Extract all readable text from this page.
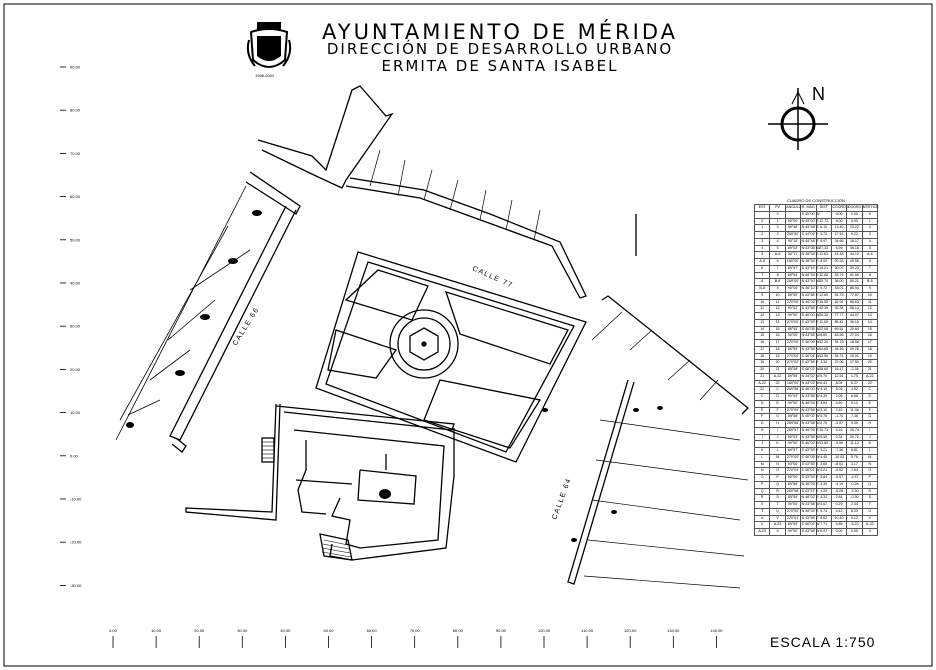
90.00
80.00
70.00
60.00
50.00
40.00
30.00
20.00
10.00
0.00
-10.00
-20.00
-30.00
0.00	10.00	20.00	30.00	40.00	50.00	60.00	70.00	80.00	90.00	100.00	110.00	120.00	130.00	140.00
CALLE 77
CALLE 66
CALLE 64
N
1998-2001
AYUNTAMIENTO DE MÉRIDA
DIRECCIÓN DE DESARROLLO URBANO
ERMITA DE SANTA ISABEL
CUADRO DE CONSTRUCCIÓN
EST	PV	ANGULO	R. MAG	DIST	COORD X	COORD Y	VERTICE
	0		S 45°00' W		0.00	0.00	0
0	1	90°00'	N 45°00' E	12.72	9.00	9.00	1
1	2	89°48'	N 45°48' E	6.10	13.40	13.22	2
2	3	269°50'	S 44°02' E	5.73	17.51	9.23	3
3	4	90°10'	N 45°48' E	9.97	24.66	16.17	4
4	5	89°03'	N 43°05' W	27.33	5.99	36.16	5
5	A-6	90°11'	N 46°54' E	11.63	14.48	44.10	A-6
A-6	6	180°00'	N 46°54' E	8.00	20.33	49.56	6
6	7	89°47'	S 43°19' E	14.21	30.07	39.23	7
7	8	89°54'	N 46°34' E	32.66	53.79	61.68	8
8	B-8	269°00'	N 43°50' W	25.70	36.00	80.21	B-8
B-8	9	90°00'	N 46°10' E	9.72	43.01	86.94	9
9	10	89°50'	S 43°58' E	12.60	51.75	77.87	10
10	11	270°00'	N 46°02' E	15.50	62.91	88.63	11
11	12	90°02'	S 43°58' E	42.39	92.34	58.13	12
12	13	90°00'	S 46°00' W	20.25	77.77	44.07	13
13	14	270°00'	S 43°59' E	11.00	85.41	36.15	14
14	15	89°55'	S 46°05' W	22.08	69.51	20.84	15
15	16	90°00'	N 43°55' W	8.60	63.55	27.04	16
16	17	270°00'	S 46°05' W	12.20	54.76	18.58	17
17	18	89°59'	N 43°56' W	14.85	44.46	29.28	18
18	19	270°00'	S 46°04' W	13.50	34.74	19.91	19
19	20	270°02'	S 43°58' E	3.34	37.06	17.50	20
20	21	89°58'	S 46°02' W	28.60	16.47	-2.35	21
21	A-22	89°56'	N 44°02' W	5.70	12.51	1.75	A-22
A-22	22	180°00'	N 44°02' W	6.43	8.04	6.37	22
22	C	269°58'	S 46°00' W	4.10	5.09	3.52	C
C	D	90°04'	N 43°56' W	4.39	2.05	6.68	D
D	E	90°00'	N 46°04' E	3.54	4.60	9.13	E
E	F	270°00'	N 43°56' W	3.10	2.45	11.36	F
F	G	89°58'	S 46°02' W	5.76	-1.70	7.36	G
G	H	269°56'	N 43°58' W	2.70	-3.57	9.30	H
H	I	269°57'	N 46°05' E	10.73	4.16	16.74	I
I	J	90°03'	N 43°58' W	5.50	0.34	20.70	J
J	K	90°00'	S 46°02' W	13.80	-9.59	11.12	K
K	L	89°57'	S 43°55' E	3.21	-7.36	8.81	L
L	M	270°00'	S 46°05' W	4.40	-10.53	5.76	M
M	N	90°00'	S 43°55' E	3.60	-8.03	3.17	N
N	O	270°04'	S 46°01' W	2.21	-9.62	1.64	O
O	P	90°00'	S 43°59' E	5.84	-5.57	-2.57	P
P	Q	89°56'	N 46°05' E	3.30	-3.19	-0.28	Q
Q	R	269°58'	S 43°57' E	4.20	-0.28	-3.30	R
R	S	89°59'	N 46°02' E	4.33	2.84	-0.30	S
S	T	90°00'	N 43°58' W	3.67	0.29	2.34	T
T	U	270°00'	N 46°04' E	5.74	4.42	6.33	U
U	V	270°01'	S 43°55' E	8.62	10.40	0.12	V
V	A-23	89°59'	S 46°02' W	7.71	4.85	-5.23	A-23
A-23	0	90°00'	S 43°58' W	6.97	0.00	0.00	0
ESCALA 1:750
